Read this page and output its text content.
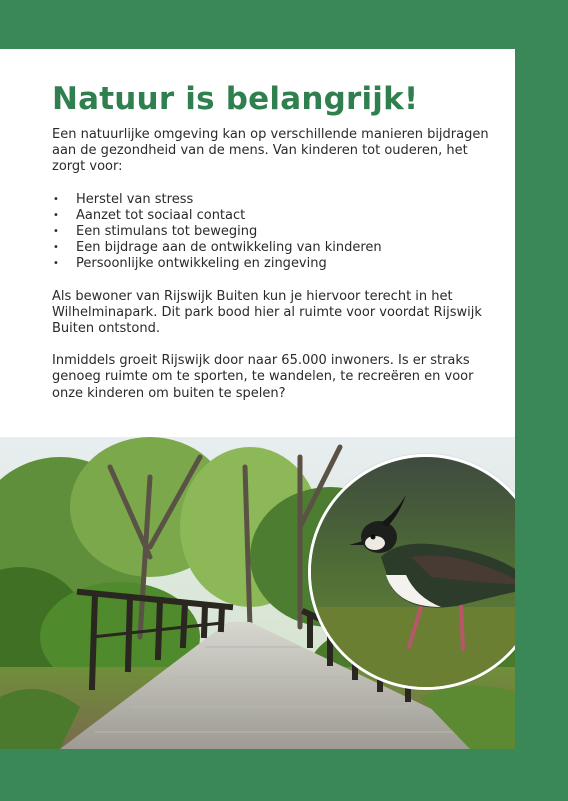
Natuur is belangrijk!

Een natuurlijke omgeving kan op verschillende manieren bijdragen aan de gezondheid van de mens. Van kinderen tot ouderen, het zorgt voor:

• Herstel van stress
• Aanzet tot sociaal contact
• Een stimulans tot beweging
• Een bijdrage aan de ontwikkeling van kinderen
• Persoonlijke ontwikkeling en zingeving

Als bewoner van Rijswijk Buiten kun je hiervoor terecht in het Wilhelminapark. Dit park bood hier al ruimte voor voordat Rijswijk Buiten ontstond.

Inmiddels groeit Rijswijk door naar 65.000 inwoners. Is er straks genoeg ruimte om te sporten, te wandelen, te recreëren en voor onze kinderen om buiten te spelen?
